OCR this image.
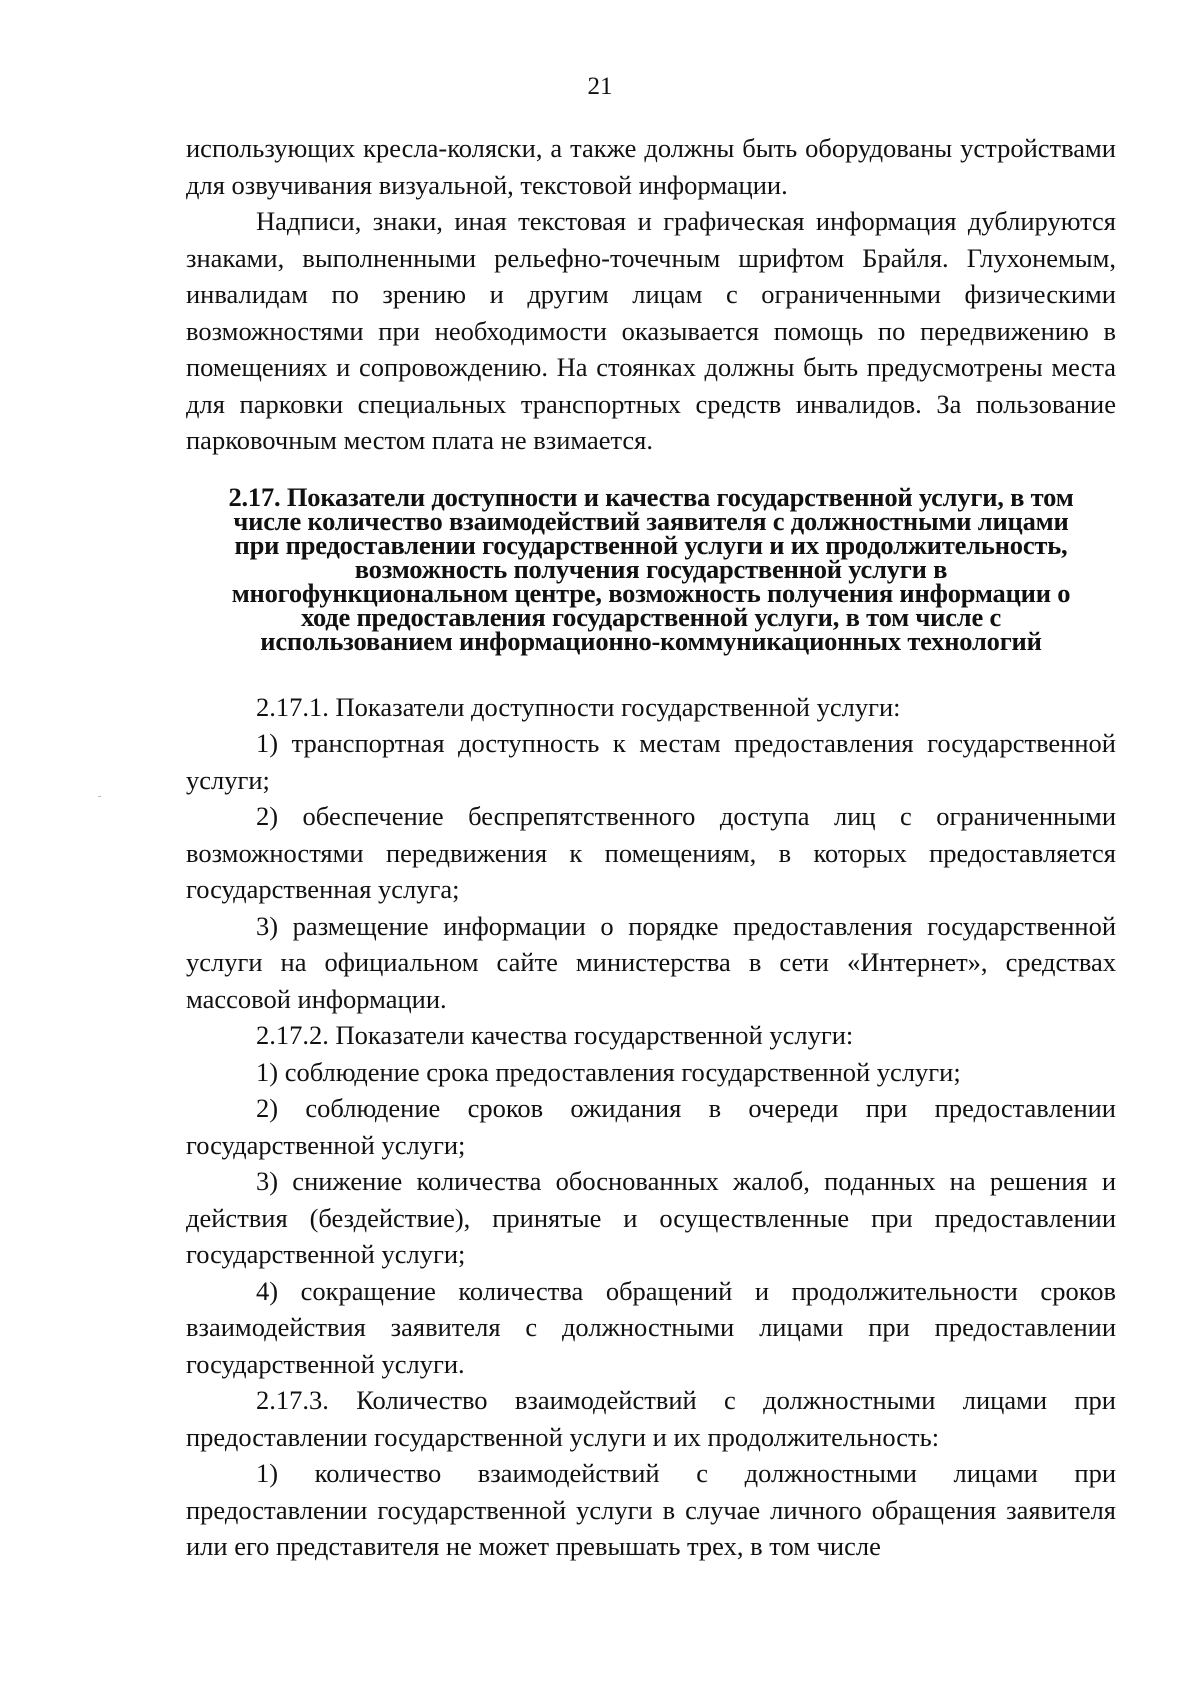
21

использующих кресла-коляски, а также должны быть оборудованы устройствами для озвучивания визуальной, текстовой информации.

Надписи, знаки, иная текстовая и графическая информация дублируются знаками, выполненными рельефно-точечным шрифтом Брайля. Глухонемым, инвалидам по зрению и другим лицам с ограниченными физическими возможностями при необходимости оказывается помощь по передвижению в помещениях и сопровождению. На стоянках должны быть предусмотрены места для парковки специальных транспортных средств инвалидов. За пользование парковочным местом плата не взимается.

2.17. Показатели доступности и качества государственной услуги, в том
числе количество взаимодействий заявителя с должностными лицами
при предоставлении государственной услуги и их продолжительность,
возможность получения государственной услуги в
многофункциональном центре, возможность получения информации о
ходе предоставления государственной услуги, в том числе с
использованием информационно-коммуникационных технологий

2.17.1. Показатели доступности государственной услуги:

1) транспортная доступность к местам предоставления государственной услуги;

2) обеспечение беспрепятственного доступа лиц с ограниченными возможностями передвижения к помещениям, в которых предоставляется государственная услуга;

3) размещение информации о порядке предоставления государственной услуги на официальном сайте министерства в сети «Интернет», средствах массовой информации.

2.17.2. Показатели качества государственной услуги:

1) соблюдение срока предоставления государственной услуги;

2) соблюдение сроков ожидания в очереди при предоставлении государственной услуги;

3) снижение количества обоснованных жалоб, поданных на решения и действия (бездействие), принятые и осуществленные при предоставлении государственной услуги;

4) сокращение количества обращений и продолжительности сроков взаимодействия заявителя с должностными лицами при предоставлении государственной услуги.

2.17.3. Количество взаимодействий с должностными лицами при предоставлении государственной услуги и их продолжительность:

1) количество взаимодействий с должностными лицами при предоставлении государственной услуги в случае личного обращения заявителя или его представителя не может превышать трех, в том числе
